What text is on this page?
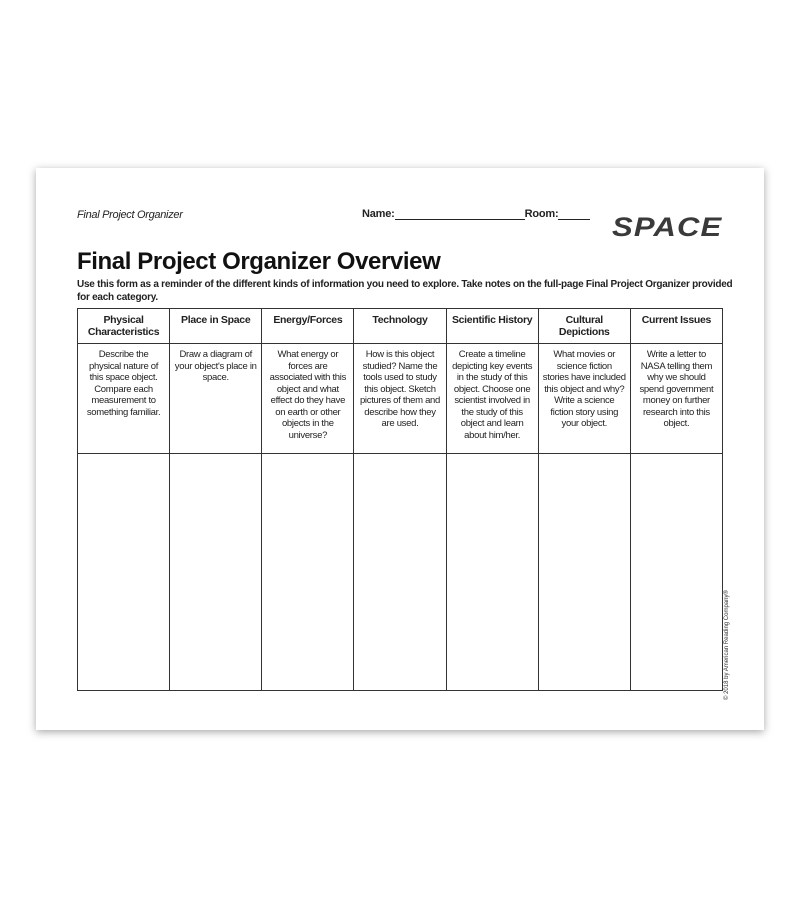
Final Project Organizer	Name:	Room:	SPACE
Final Project Organizer Overview
Use this form as a reminder of the different kinds of information you need to explore. Take notes on the full-page Final Project Organizer provided for each category.
Physical Characteristics	Place in Space	Energy/Forces	Technology	Scientific History	Cultural Depictions	Current Issues
Describe the physical nature of this space object. Compare each measurement to something familiar.	Draw a diagram of your object's place in space.	What energy or forces are associated with this object and what effect do they have on earth or other objects in the universe?	How is this object studied? Name the tools used to study this object. Sketch pictures of them and describe how they are used.	Create a timeline depicting key events in the study of this object. Choose one scientist involved in the study of this object and learn about him/her.	What movies or science fiction stories have included this object and why? Write a science fiction story using your object.	Write a letter to NASA telling them why we should spend government money on further research into this object.

© 2018 by American Reading Company®
